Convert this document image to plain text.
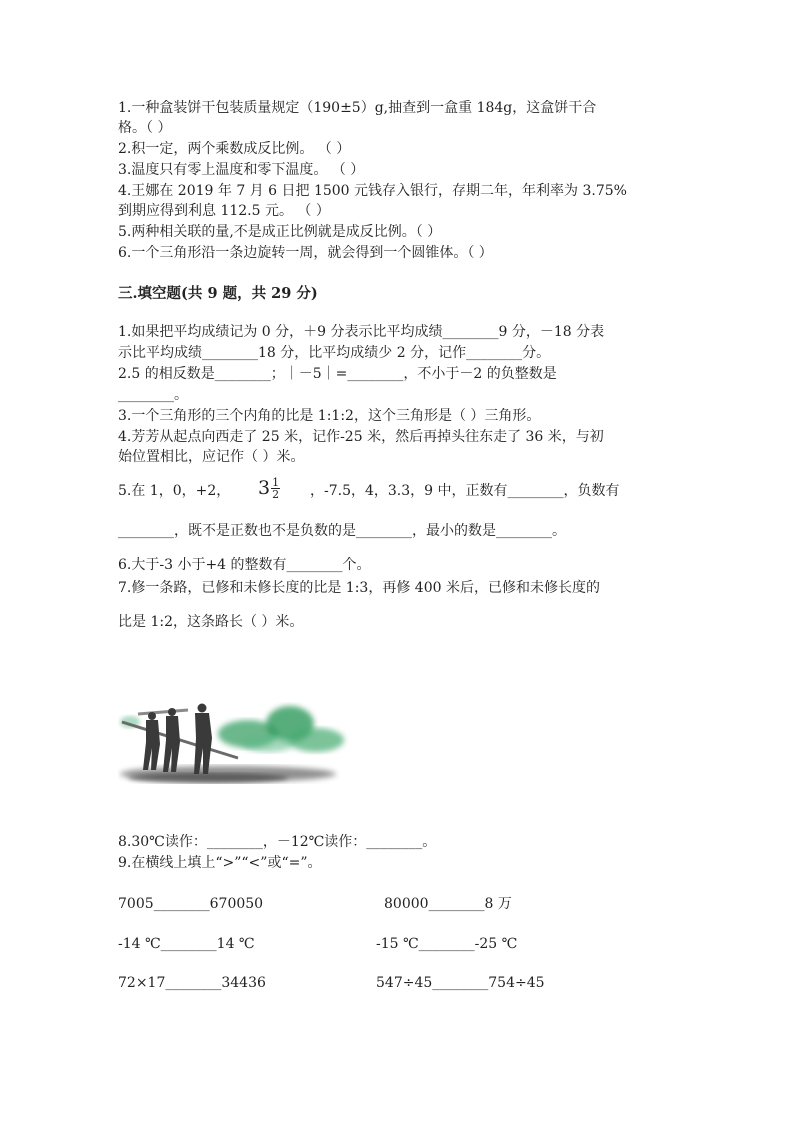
1.一种盒装饼干包装质量规定（190±5）g,抽查到一盒重 184g，这盒饼干合
格。（ ）
2.积一定，两个乘数成反比例。 （ ）
3.温度只有零上温度和零下温度。 （ ）
4.王娜在 2019 年 7 月 6 日把 1500 元钱存入银行，存期二年，年利率为 3.75%
到期应得到利息 112.5 元。 （ ）
5.两种相关联的量,不是成正比例就是成反比例。（ ）
6.一个三角形沿一条边旋转一周，就会得到一个圆锥体。（ ）
三.填空题(共 9 题，共 29 分)
1.如果把平均成绩记为 0 分，＋9 分表示比平均成绩________9 分，－18 分表
示比平均成绩________18 分，比平均成绩少 2 分，记作________分。
2.5 的相反数是________；｜－5｜=________，不小于－2 的负整数是
________。
3.一个三角形的三个内角的比是 1:1:2，这个三角形是（ ）三角形。
4.芳芳从起点向西走了 25 米，记作-25 米，然后再掉头往东走了 36 米，与初
始位置相比，应记作（ ）米。
5.在 1，0，+2， $3 \frac{1}{2}$ ，-7.5，4，3.3，9 中，正数有________，负数有
________，既不是正数也不是负数的是________，最小的数是________。
6.大于-3 小于+4 的整数有________个。
7.修一条路，已修和未修长度的比是 1:3，再修 400 米后，已修和未修长度的
比是 1:2，这条路长（ ）米。
8.30℃读作：________，－12℃读作：________。
9.在横线上填上“>”“<”或“=”。
7005________670050	80000________8 万
-14 ℃________14 ℃	-15 ℃________-25 ℃
72×17________34436	547÷45________754÷45
